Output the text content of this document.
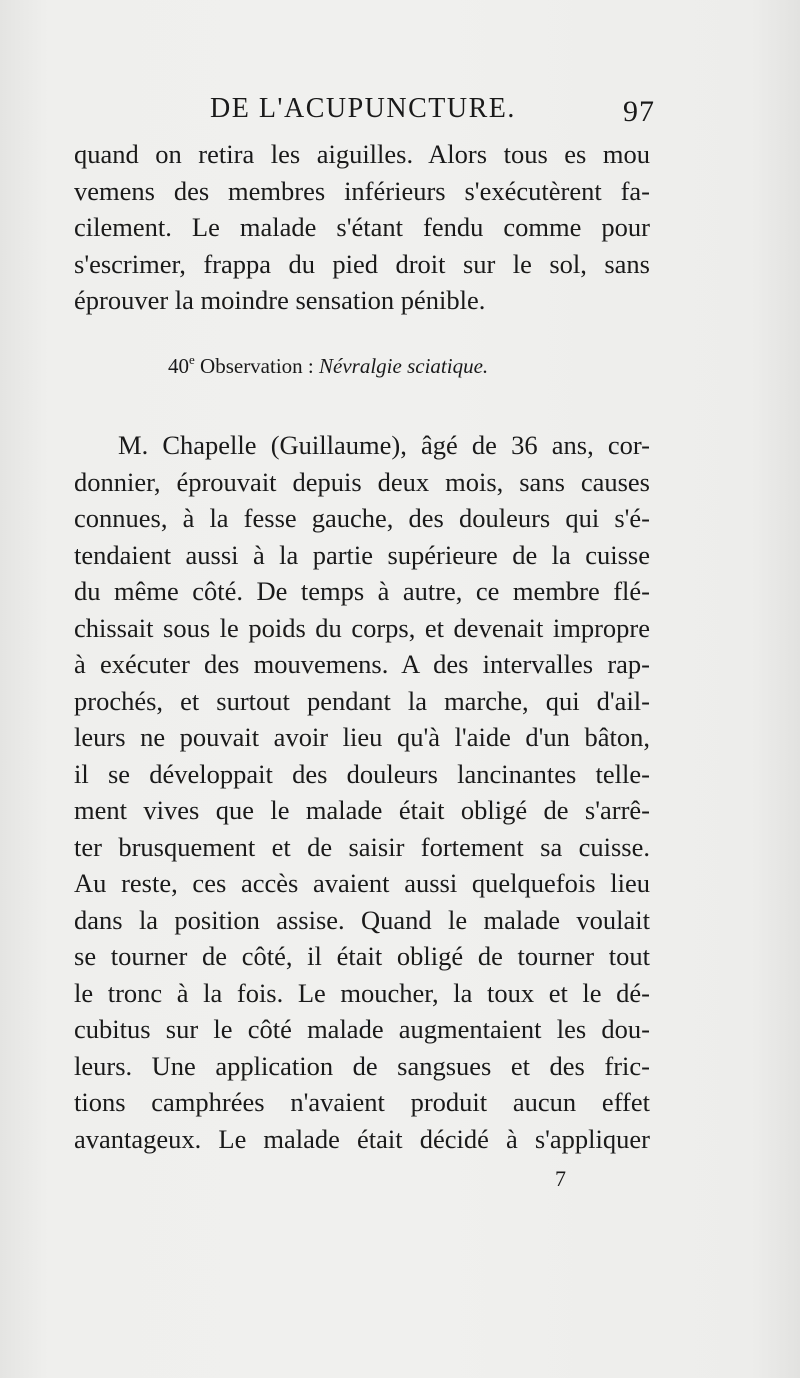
DE L'ACUPUNCTURE.	97
quand on retira les aiguilles. Alors tous es mou
vemens des membres inférieurs s'exécutèrent fa-
cilement. Le malade s'étant fendu comme pour
s'escrimer, frappa du pied droit sur le sol, sans
éprouver la moindre sensation pénible.
40e Observation : Névralgie sciatique.
M. Chapelle (Guillaume), âgé de 36 ans, cor-
donnier, éprouvait depuis deux mois, sans causes
connues, à la fesse gauche, des douleurs qui s'é-
tendaient aussi à la partie supérieure de la cuisse
du même côté. De temps à autre, ce membre flé-
chissait sous le poids du corps, et devenait impropre
à exécuter des mouvemens. A des intervalles rap-
prochés, et surtout pendant la marche, qui d'ail-
leurs ne pouvait avoir lieu qu'à l'aide d'un bâton,
il se développait des douleurs lancinantes telle-
ment vives que le malade était obligé de s'arrê-
ter brusquement et de saisir fortement sa cuisse.
Au reste, ces accès avaient aussi quelquefois lieu
dans la position assise. Quand le malade voulait
se tourner de côté, il était obligé de tourner tout
le tronc à la fois. Le moucher, la toux et le dé-
cubitus sur le côté malade augmentaient les dou-
leurs. Une application de sangsues et des fric-
tions camphrées n'avaient produit aucun effet
avantageux. Le malade était décidé à s'appliquer
7
